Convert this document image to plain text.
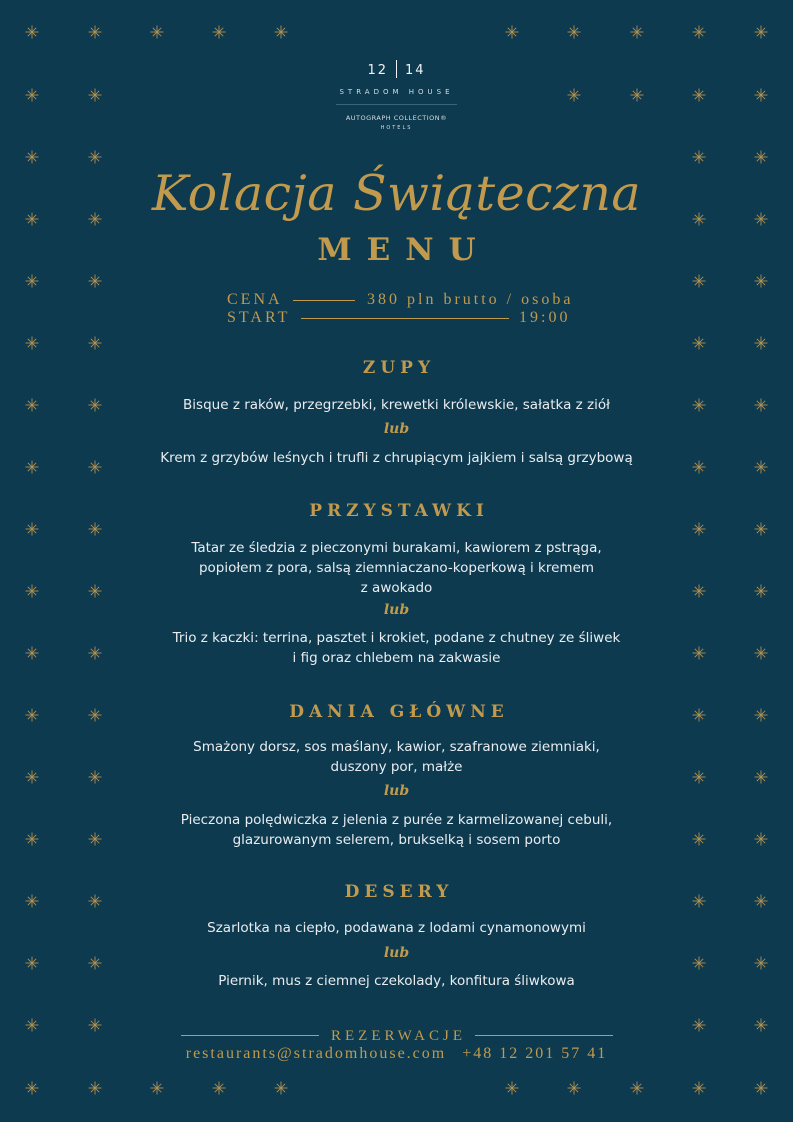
12 14
STRADOM HOUSE
AUTOGRAPH COLLECTION®
HOTELS
Kolacja Świąteczna
MENU
CENA	380 pln brutto / osoba
START	19:00
ZUPY
Bisque z raków, przegrzebki, krewetki królewskie, sałatka z ziół
lub
Krem z grzybów leśnych i trufli z chrupiącym jajkiem i salsą grzybową
PRZYSTAWKI
Tatar ze śledzia z pieczonymi burakami, kawiorem z pstrąga,
popiołem z pora, salsą ziemniaczano-koperkową i kremem
z awokado
lub
Trio z kaczki: terrina, pasztet i krokiet, podane z chutney ze śliwek
i fig oraz chlebem na zakwasie
DANIA GŁÓWNE
Smażony dorsz, sos maślany, kawior, szafranowe ziemniaki,
duszony por, małże
lub
Pieczona polędwiczka z jelenia z purée z karmelizowanej cebuli,
glazurowanym selerem, brukselką i sosem porto
DESERY
Szarlotka na ciepło, podawana z lodami cynamonowymi
lub
Piernik, mus z ciemnej czekolady, konfitura śliwkowa
REZERWACJE
restaurants@stradomhouse.com +48 12 201 57 41
